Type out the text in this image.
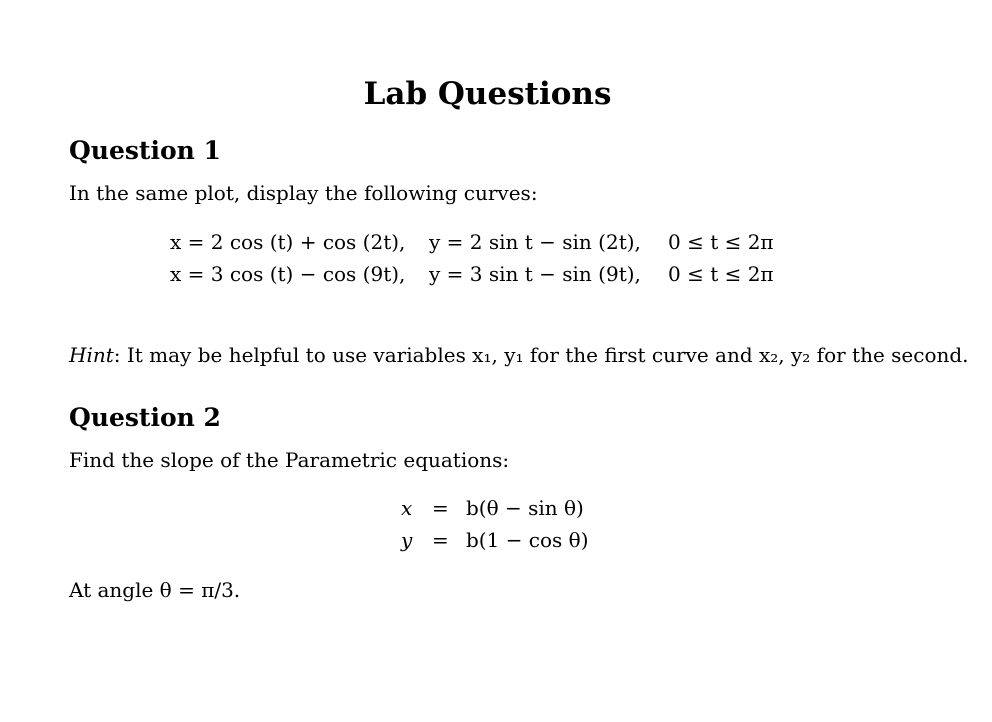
Lab Questions
Question 1
In the same plot, display the following curves:
x = 2 cos (t) + cos (2t), y = 2 sin t − sin (2t), 0 ≤ t ≤ 2π
x = 3 cos (t) − cos (9t), y = 3 sin t − sin (9t), 0 ≤ t ≤ 2π
Hint: It may be helpful to use variables x₁, y₁ for the first curve and x₂, y₂ for the second.
Question 2
Find the slope of the Parametric equations:
x = b(θ − sin θ)
y = b(1 − cos θ)
At angle θ = π/3.
